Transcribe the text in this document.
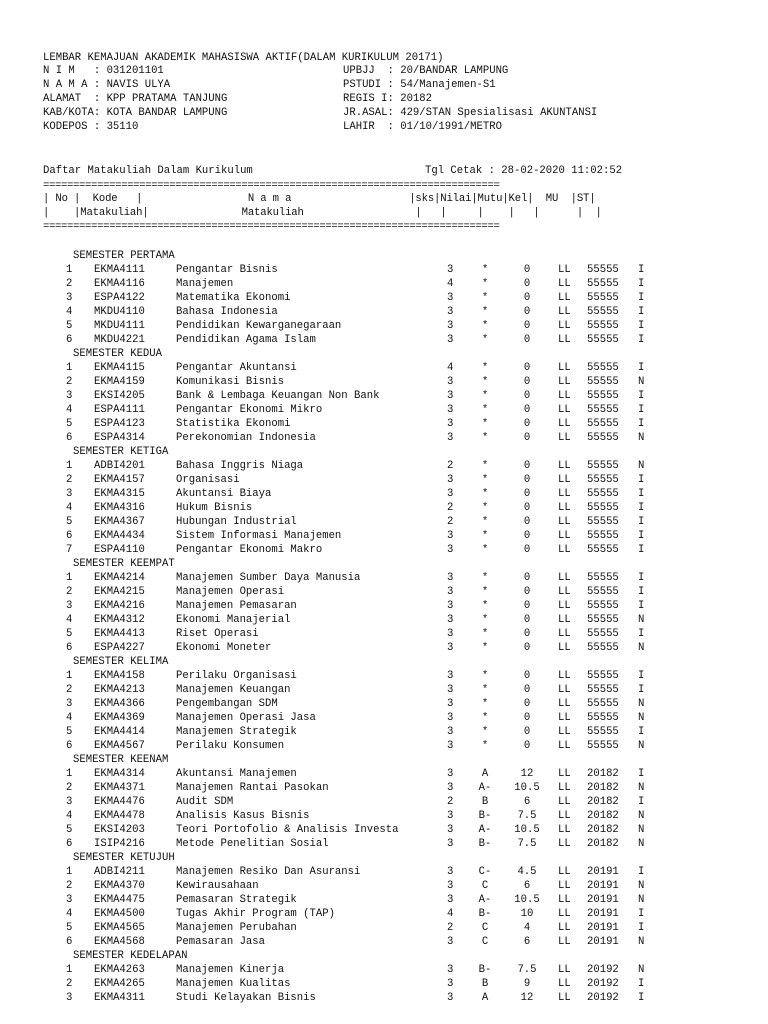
LEMBAR KEMAJUAN AKADEMIK MAHASISWA AKTIF(DALAM KURIKULUM 20171)
N I M   : 031201101
N A M A : NAVIS ULYA
ALAMAT  : KPP PRATAMA TANJUNG
KAB/KOTA: KOTA BANDAR LAMPUNG
KODEPOS : 35110
UPBJJ  : 20/BANDAR LAMPUNG
PSTUDI : 54/Manajemen-S1
REGIS I: 20182
JR.ASAL: 429/STAN Spesialisasi AKUNTANSI
LAHIR  : 01/10/1991/METRO
Daftar Matakuliah Dalam Kurikulum	Tgl Cetak : 28-02-2020 11:02:52
============================================================================
| No |  Kode   |                 N a m a                   |sks|Nilai|Mutu|Kel|  MU  |ST|
|    |Matakuliah|               Matakuliah                  |   |     |    |   |      |  |
============================================================================
SEMESTER PERTAMA
1 EKMA4111	Pengantar Bisnis	3	*	0	LL 55555 I
2 EKMA4116	Manajemen	4	*	0	LL 55555 I
3 ESPA4122	Matematika Ekonomi	3	*	0	LL 55555 I
4 MKDU4110	Bahasa Indonesia	3	*	0	LL 55555 I
5 MKDU4111	Pendidikan Kewarganegaraan	3	*	0	LL 55555 I
6 MKDU4221	Pendidikan Agama Islam	3	*	0	LL 55555 I
SEMESTER KEDUA
1 EKMA4115	Pengantar Akuntansi	4	*	0	LL 55555 I
2 EKMA4159	Komunikasi Bisnis	3	*	0	LL 55555 N
3 EKSI4205	Bank & Lembaga Keuangan Non Bank	3	*	0	LL 55555 I
4 ESPA4111	Pengantar Ekonomi Mikro	3	*	0	LL 55555 I
5 ESPA4123	Statistika Ekonomi	3	*	0	LL 55555 I
6 ESPA4314	Perekonomian Indonesia	3	*	0	LL 55555 N
SEMESTER KETIGA
1 ADBI4201	Bahasa Inggris Niaga	2	*	0	LL 55555 N
2 EKMA4157	Organisasi	3	*	0	LL 55555 I
3 EKMA4315	Akuntansi Biaya	3	*	0	LL 55555 I
4 EKMA4316	Hukum Bisnis	2	*	0	LL 55555 I
5 EKMA4367	Hubungan Industrial	2	*	0	LL 55555 I
6 EKMA4434	Sistem Informasi Manajemen	3	*	0	LL 55555 I
7 ESPA4110	Pengantar Ekonomi Makro	3	*	0	LL 55555 I
SEMESTER KEEMPAT
1 EKMA4214	Manajemen Sumber Daya Manusia	3	*	0	LL 55555 I
2 EKMA4215	Manajemen Operasi	3	*	0	LL 55555 I
3 EKMA4216	Manajemen Pemasaran	3	*	0	LL 55555 I
4 EKMA4312	Ekonomi Manajerial	3	*	0	LL 55555 N
5 EKMA4413	Riset Operasi	3	*	0	LL 55555 I
6 ESPA4227	Ekonomi Moneter	3	*	0	LL 55555 N
SEMESTER KELIMA
1 EKMA4158	Perilaku Organisasi	3	*	0	LL 55555 I
2 EKMA4213	Manajemen Keuangan	3	*	0	LL 55555 I
3 EKMA4366	Pengembangan SDM	3	*	0	LL 55555 N
4 EKMA4369	Manajemen Operasi Jasa	3	*	0	LL 55555 N
5 EKMA4414	Manajemen Strategik	3	*	0	LL 55555 I
6 EKMA4567	Perilaku Konsumen	3	*	0	LL 55555 N
SEMESTER KEENAM
1 EKMA4314	Akuntansi Manajemen	3	A	12	LL 20182 I
2 EKMA4371	Manajemen Rantai Pasokan	3	A-	10.5 LL 20182 N
3 EKMA4476	Audit SDM	2	B	6	LL 20182 I
4 EKMA4478	Analisis Kasus Bisnis	3	B-	7.5	LL 20182 N
5 EKSI4203	Teori Portofolio & Analisis Investa	3	A-	10.5 LL 20182 N
6 ISIP4216	Metode Penelitian Sosial	3	B-	7.5	LL 20182 N
SEMESTER KETUJUH
1 ADBI4211	Manajemen Resiko Dan Asuransi	3	C-	4.5	LL 20191 I
2 EKMA4370	Kewirausahaan	3	C	6	LL 20191 N
3 EKMA4475	Pemasaran Strategik	3	A-	10.5 LL 20191 N
4 EKMA4500	Tugas Akhir Program (TAP)	4	B-	10	LL 20191 I
5 EKMA4565	Manajemen Perubahan	2	C	4	LL 20191 I
6 EKMA4568	Pemasaran Jasa	3	C	6	LL 20191 N
SEMESTER KEDELAPAN
1 EKMA4263	Manajemen Kinerja	3	B-	7.5	LL 20192 N
2 EKMA4265	Manajemen Kualitas	3	B	9	LL 20192 I
3 EKMA4311	Studi Kelayakan Bisnis	3	A	12	LL 20192 I
